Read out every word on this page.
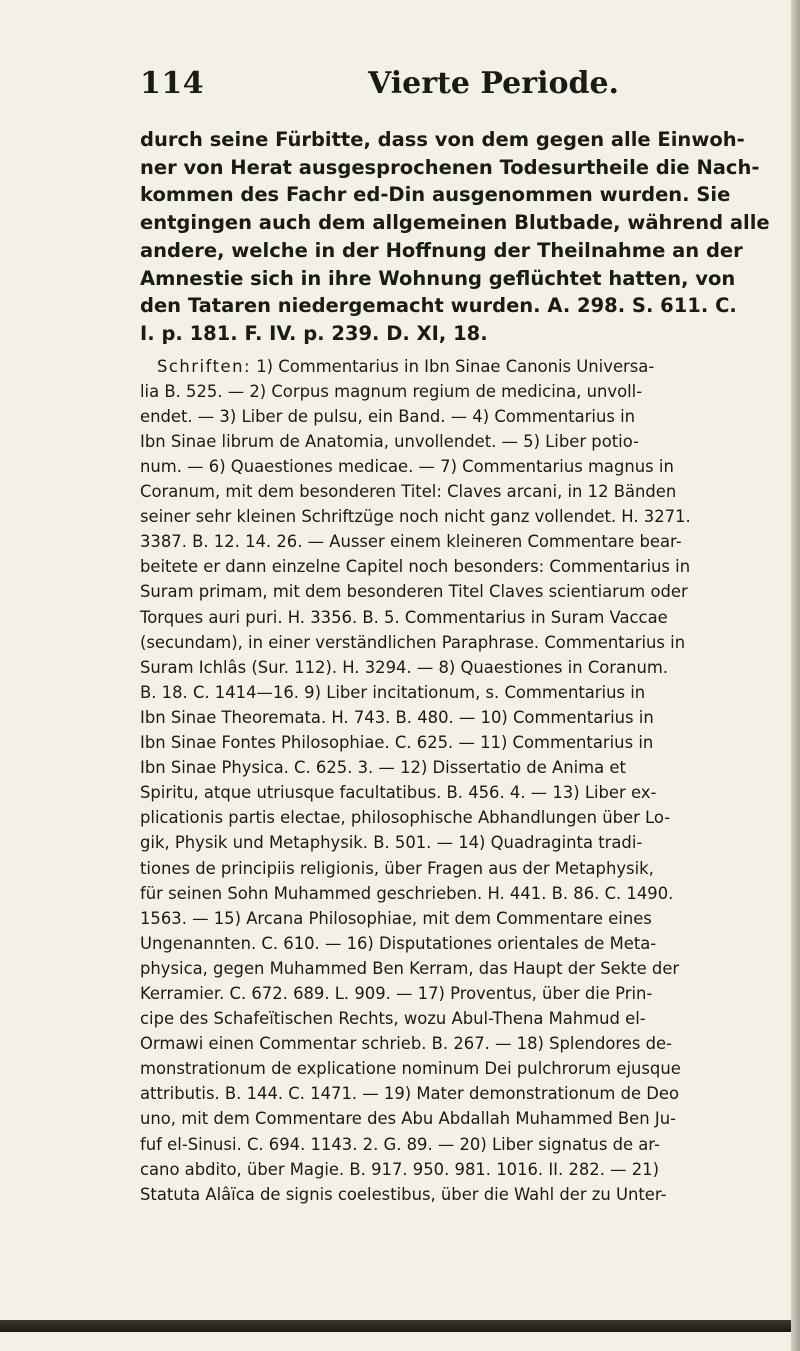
114	Vierte Periode.

durch seine Fürbitte, dass von dem gegen alle Einwoh-
ner von Herat ausgesprochenen Todesurtheile die Nach-
kommen des Fachr ed-Din ausgenommen wurden. Sie
entgingen auch dem allgemeinen Blutbade, während alle
andere, welche in der Hoffnung der Theilnahme an der
Amnestie sich in ihre Wohnung geflüchtet hatten, von
den Tataren niedergemacht wurden. A. 298. S. 611. C.
I. p. 181. F. IV. p. 239. D. XI, 18.

Schriften: 1) Commentarius in Ibn Sinae Canonis Universa-
lia B. 525. — 2) Corpus magnum regium de medicina, unvoll-
endet. — 3) Liber de pulsu, ein Band. — 4) Commentarius in
Ibn Sinae librum de Anatomia, unvollendet. — 5) Liber potio-
num. — 6) Quaestiones medicae. — 7) Commentarius magnus in
Coranum, mit dem besonderen Titel: Claves arcani, in 12 Bänden
seiner sehr kleinen Schriftzüge noch nicht ganz vollendet. H. 3271.
3387. B. 12. 14. 26. — Ausser einem kleineren Commentare bear-
beitete er dann einzelne Capitel noch besonders: Commentarius in
Suram primam, mit dem besonderen Titel Claves scientiarum oder
Torques auri puri. H. 3356. B. 5. Commentarius in Suram Vaccae
(secundam), in einer verständlichen Paraphrase. Commentarius in
Suram Ichlâs (Sur. 112). H. 3294. — 8) Quaestiones in Coranum.
B. 18. C. 1414—16. 9) Liber incitationum, s. Commentarius in
Ibn Sinae Theoremata. H. 743. B. 480. — 10) Commentarius in
Ibn Sinae Fontes Philosophiae. C. 625. — 11) Commentarius in
Ibn Sinae Physica. C. 625. 3. — 12) Dissertatio de Anima et
Spiritu, atque utriusque facultatibus. B. 456. 4. — 13) Liber ex-
plicationis partis electae, philosophische Abhandlungen über Lo-
gik, Physik und Metaphysik. B. 501. — 14) Quadraginta tradi-
tiones de principiis religionis, über Fragen aus der Metaphysik,
für seinen Sohn Muhammed geschrieben. H. 441. B. 86. C. 1490.
1563. — 15) Arcana Philosophiae, mit dem Commentare eines
Ungenannten. C. 610. — 16) Disputationes orientales de Meta-
physica, gegen Muhammed Ben Kerram, das Haupt der Sekte der
Kerramier. C. 672. 689. L. 909. — 17) Proventus, über die Prin-
cipe des Schafeïtischen Rechts, wozu Abul-Thena Mahmud el-
Ormawi einen Commentar schrieb. B. 267. — 18) Splendores de-
monstrationum de explicatione nominum Dei pulchrorum ejusque
attributis. B. 144. C. 1471. — 19) Mater demonstrationum de Deo
uno, mit dem Commentare des Abu Abdallah Muhammed Ben Ju-
fuf el-Sinusi. C. 694. 1143. 2. G. 89. — 20) Liber signatus de ar-
cano abdito, über Magie. B. 917. 950. 981. 1016. II. 282. — 21)
Statuta Alâïca de signis coelestibus, über die Wahl der zu Unter-
